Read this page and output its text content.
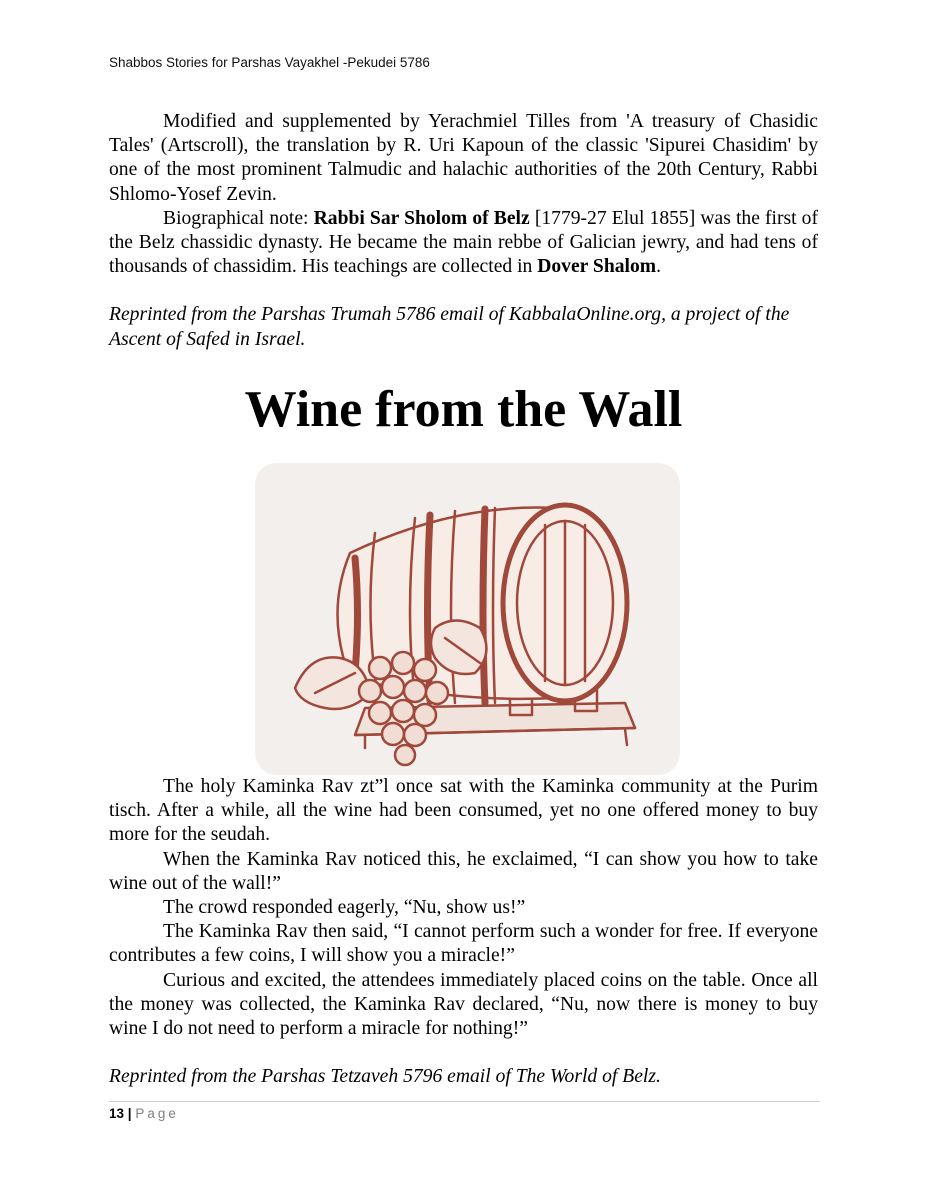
Shabbos Stories for Parshas Vayakhel -Pekudei 5786

Modified and supplemented by Yerachmiel Tilles from 'A treasury of Chasidic Tales' (Artscroll), the translation by R. Uri Kapoun of the classic 'Sipurei Chasidim' by one of the most prominent Talmudic and halachic authorities of the 20th Century, Rabbi Shlomo-Yosef Zevin.

Biographical note: Rabbi Sar Sholom of Belz [1779-27 Elul 1855] was the first of the Belz chassidic dynasty. He became the main rebbe of Galician jewry, and had tens of thousands of chassidim. His teachings are collected in Dover Shalom.

Reprinted from the Parshas Trumah 5786 email of KabbalaOnline.org, a project of the Ascent of Safed in Israel.

Wine from the Wall

The holy Kaminka Rav zt”l once sat with the Kaminka community at the Purim tisch. After a while, all the wine had been consumed, yet no one offered money to buy more for the seudah.

When the Kaminka Rav noticed this, he exclaimed, “I can show you how to take wine out of the wall!”

The crowd responded eagerly, “Nu, show us!”

The Kaminka Rav then said, “I cannot perform such a wonder for free. If everyone contributes a few coins, I will show you a miracle!”

Curious and excited, the attendees immediately placed coins on the table. Once all the money was collected, the Kaminka Rav declared, “Nu, now there is money to buy wine I do not need to perform a miracle for nothing!”

Reprinted from the Parshas Tetzaveh 5796 email of The World of Belz.

13 | Page
